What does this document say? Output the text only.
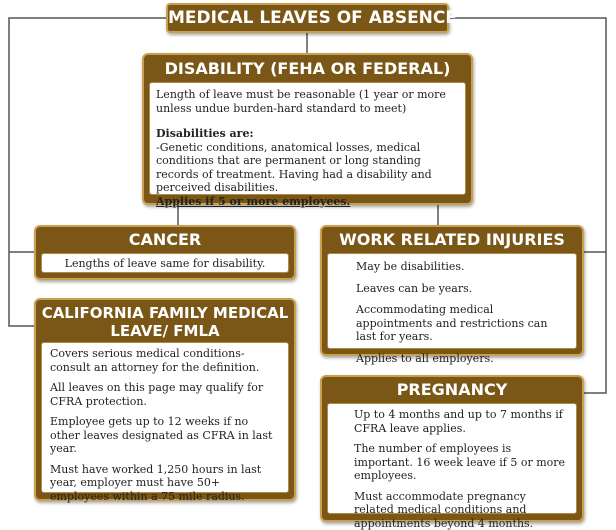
MEDICAL LEAVES OF ABSENCE
DISABILITY (FEHA OR FEDERAL)

Length of leave must be reasonable (1 year or more unless undue burden-hard standard to meet)

Disabilities are:

-Genetic conditions, anatomical losses, medical conditions that are permanent or long standing records of treatment. Having had a disability and perceived disabilities.

Applies if 5 or more employees.

CANCER

Lengths of leave same for disability.

WORK RELATED INJURIES

May be disabilities.

Leaves can be years.

Accommodating medical appointments and restrictions can last for years.

Applies to all employers.

CALIFORNIA FAMILY MEDICAL
LEAVE/ FMLA

Covers serious medical conditions-consult an attorney for the definition.

All leaves on this page may qualify for CFRA protection.

Employee gets up to 12 weeks if no other leaves designated as CFRA in last year.

Must have worked 1,250 hours in last year, employer must have 50+ employees within a 75 mile radius.

PREGNANCY

Up to 4 months and up to 7 months if CFRA leave applies.

The number of employees is important. 16 week leave if 5 or more employees.

Must accommodate pregnancy related medical conditions and appointments beyond 4 months.
